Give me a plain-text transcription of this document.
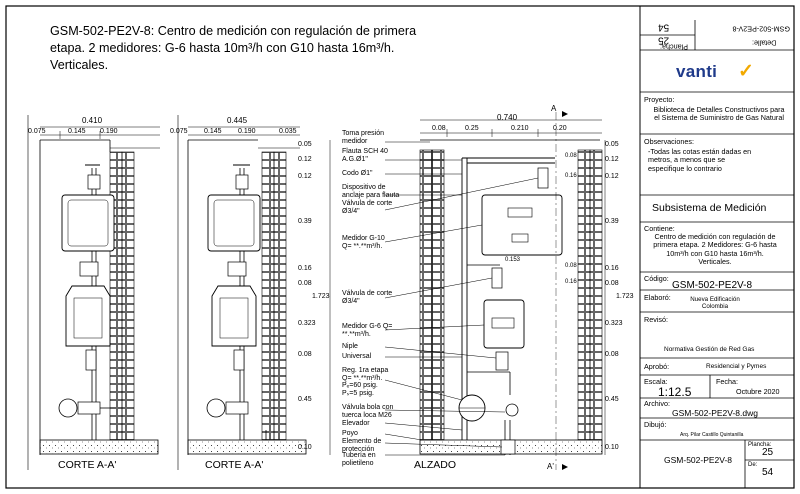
GSM-502-PE2V-8: Centro de medición con regulación de primera etapa. 2 medidores: G-6 hasta 10m³/h con G10 hasta 16m³/h. Verticales.
0.410
0.075	0.145 0.190
CORTE A-A'
0.445
0.075 0.145 0.190	0.035
CORTE A-A'
0.740
0.08	0.25	0.210	0.20
A
A'
0.08
0.16
0.153
0.08
0.16
ALZADO
0.05
0.12
0.12
0.39
0.16
0.08
0.323
0.08
0.45
0.10
1.723
0.05
0.12
0.12
0.39
0.16
0.08
0.323
0.08
0.45
0.10
1.723
Toma presión medidor
Flauta SCH 40 A.G.Ø1"
Codo Ø1"
Dispositivo de anclaje para flauta
Válvula de corte Ø3/4"
Medidor G-10 Q= **.**m³/h.
Válvula de corte Ø3/4"
Medidor G-6 Q= **.**m³/h.
Niple
Universal
Reg. 1ra etapa Q= **.**m³/h. Pₑ=60 psig. Pₛ=5 psig.
Válvula bola con tuerca loca M26
Elevador
Poyo
Elemento de protección
Tubería en polietileno
GSM-502-PE2V-8
Detalle:
Plancha:
25
54
vanti ✓
Proyecto:
Biblioteca de Detalles Constructivos para el Sistema de Suministro de Gas Natural
Observaciones:
-Todas las cotas están dadas en metros, a menos que se especifique lo contrario
Subsistema de Medición
Contiene:
Centro de medición con regulación de primera etapa. 2 Medidores: G-6 hasta 10m³/h con G10 hasta 16m³/h. Verticales.
Código:
GSM-502-PE2V-8
Elaboró:	Nueva Edificación Colombia
Revisó:
Normativa Gestión de Red Gas
Aprobó:	Residencial y Pymes
Escala:
1:12.5
Fecha:
Octubre 2020
Archivo:
GSM-502-PE2V-8.dwg
Dibujó:
Arq. Pilar Castillo Quintanilla
GSM-502-PE2V-8
Plancha:
25
De:
54
